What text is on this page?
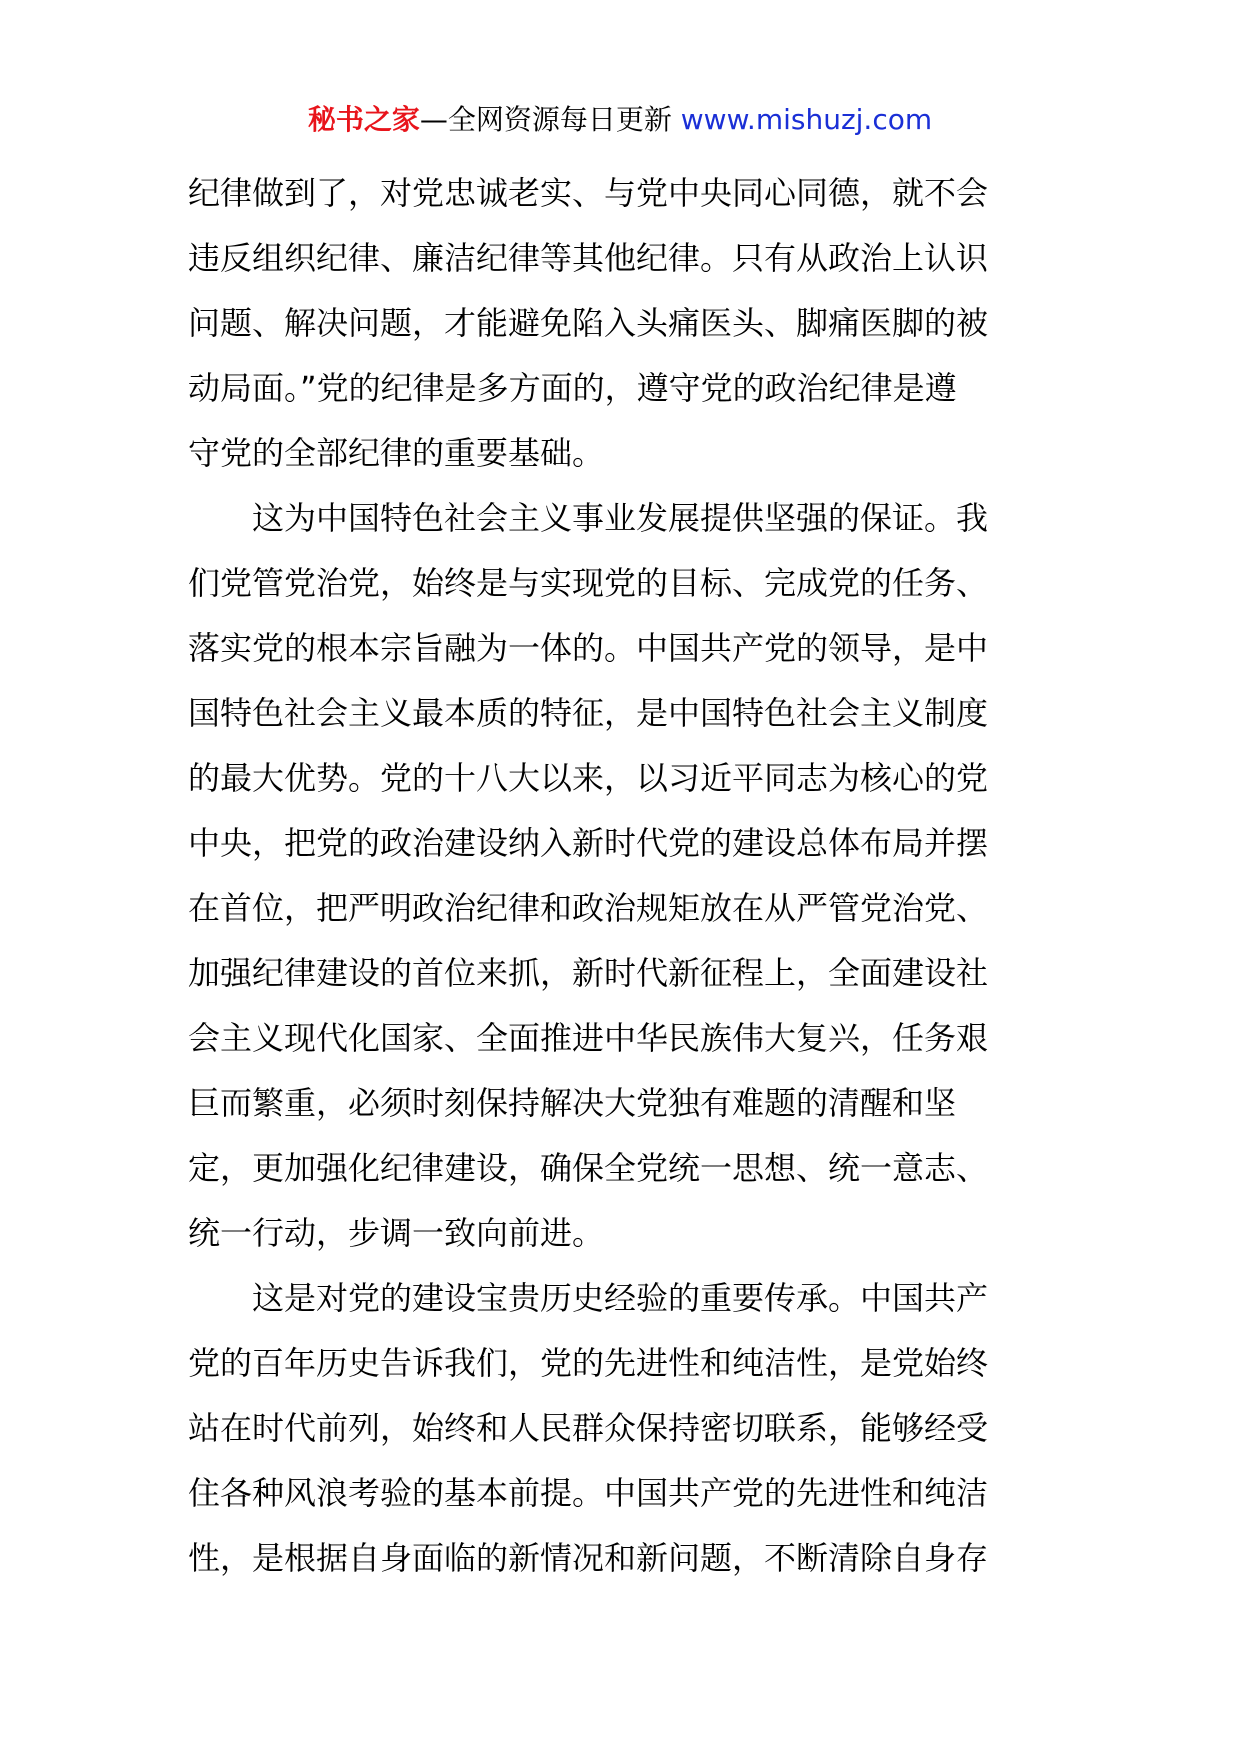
秘书之家—全网资源每日更新 www.mishuzj.com
纪律做到了，对党忠诚老实、与党中央同心同德，就不会
违反组织纪律、廉洁纪律等其他纪律。只有从政治上认识
问题、解决问题，才能避免陷入头痛医头、脚痛医脚的被
动局面。”党的纪律是多方面的，遵守党的政治纪律是遵
守党的全部纪律的重要基础。
　　这为中国特色社会主义事业发展提供坚强的保证。我
们党管党治党，始终是与实现党的目标、完成党的任务、
落实党的根本宗旨融为一体的。中国共产党的领导，是中
国特色社会主义最本质的特征，是中国特色社会主义制度
的最大优势。党的十八大以来，以习近平同志为核心的党
中央，把党的政治建设纳入新时代党的建设总体布局并摆
在首位，把严明政治纪律和政治规矩放在从严管党治党、
加强纪律建设的首位来抓，新时代新征程上，全面建设社
会主义现代化国家、全面推进中华民族伟大复兴，任务艰
巨而繁重，必须时刻保持解决大党独有难题的清醒和坚
定，更加强化纪律建设，确保全党统一思想、统一意志、
统一行动，步调一致向前进。
　　这是对党的建设宝贵历史经验的重要传承。中国共产
党的百年历史告诉我们，党的先进性和纯洁性，是党始终
站在时代前列，始终和人民群众保持密切联系，能够经受
住各种风浪考验的基本前提。中国共产党的先进性和纯洁
性，是根据自身面临的新情况和新问题，不断清除自身存
